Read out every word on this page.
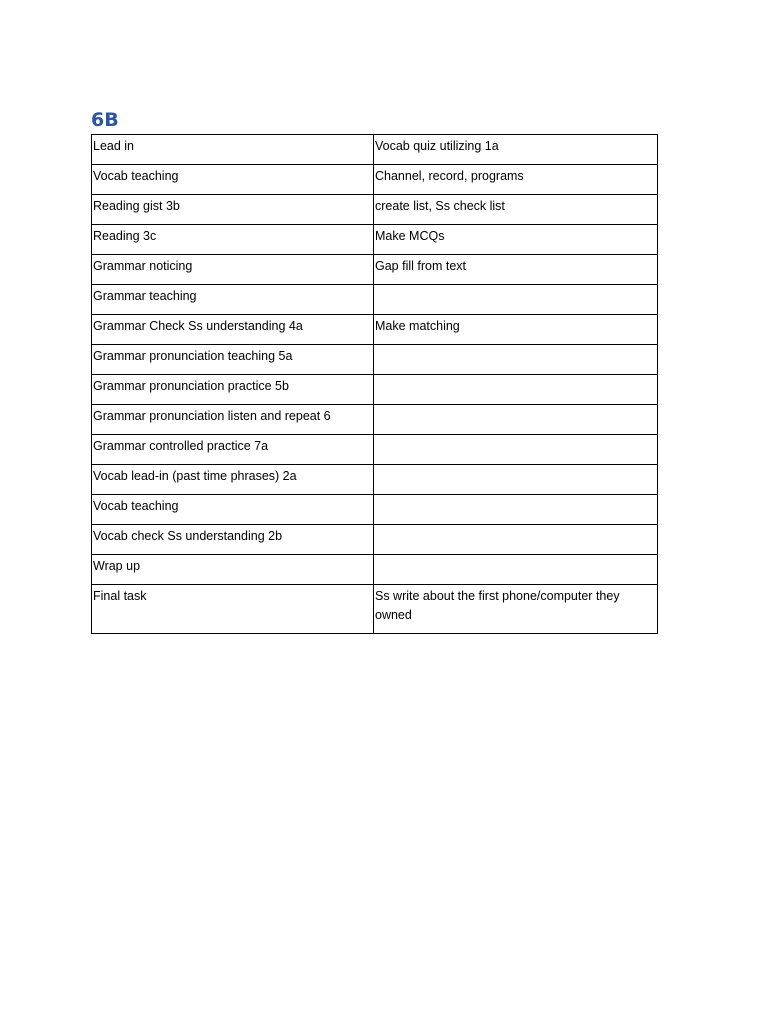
6B
Lead in	Vocab quiz utilizing 1a
Vocab teaching	Channel, record, programs
Reading gist 3b	create list, Ss check list
Reading 3c	Make MCQs
Grammar noticing	Gap fill from text
Grammar teaching	
Grammar Check Ss understanding 4a	Make matching
Grammar pronunciation teaching 5a	
Grammar pronunciation practice 5b	
Grammar pronunciation listen and repeat 6	
Grammar controlled practice 7a	
Vocab lead-in (past time phrases) 2a	
Vocab teaching	
Vocab check Ss understanding 2b	
Wrap up	
Final task	Ss write about the first phone/computer they owned
